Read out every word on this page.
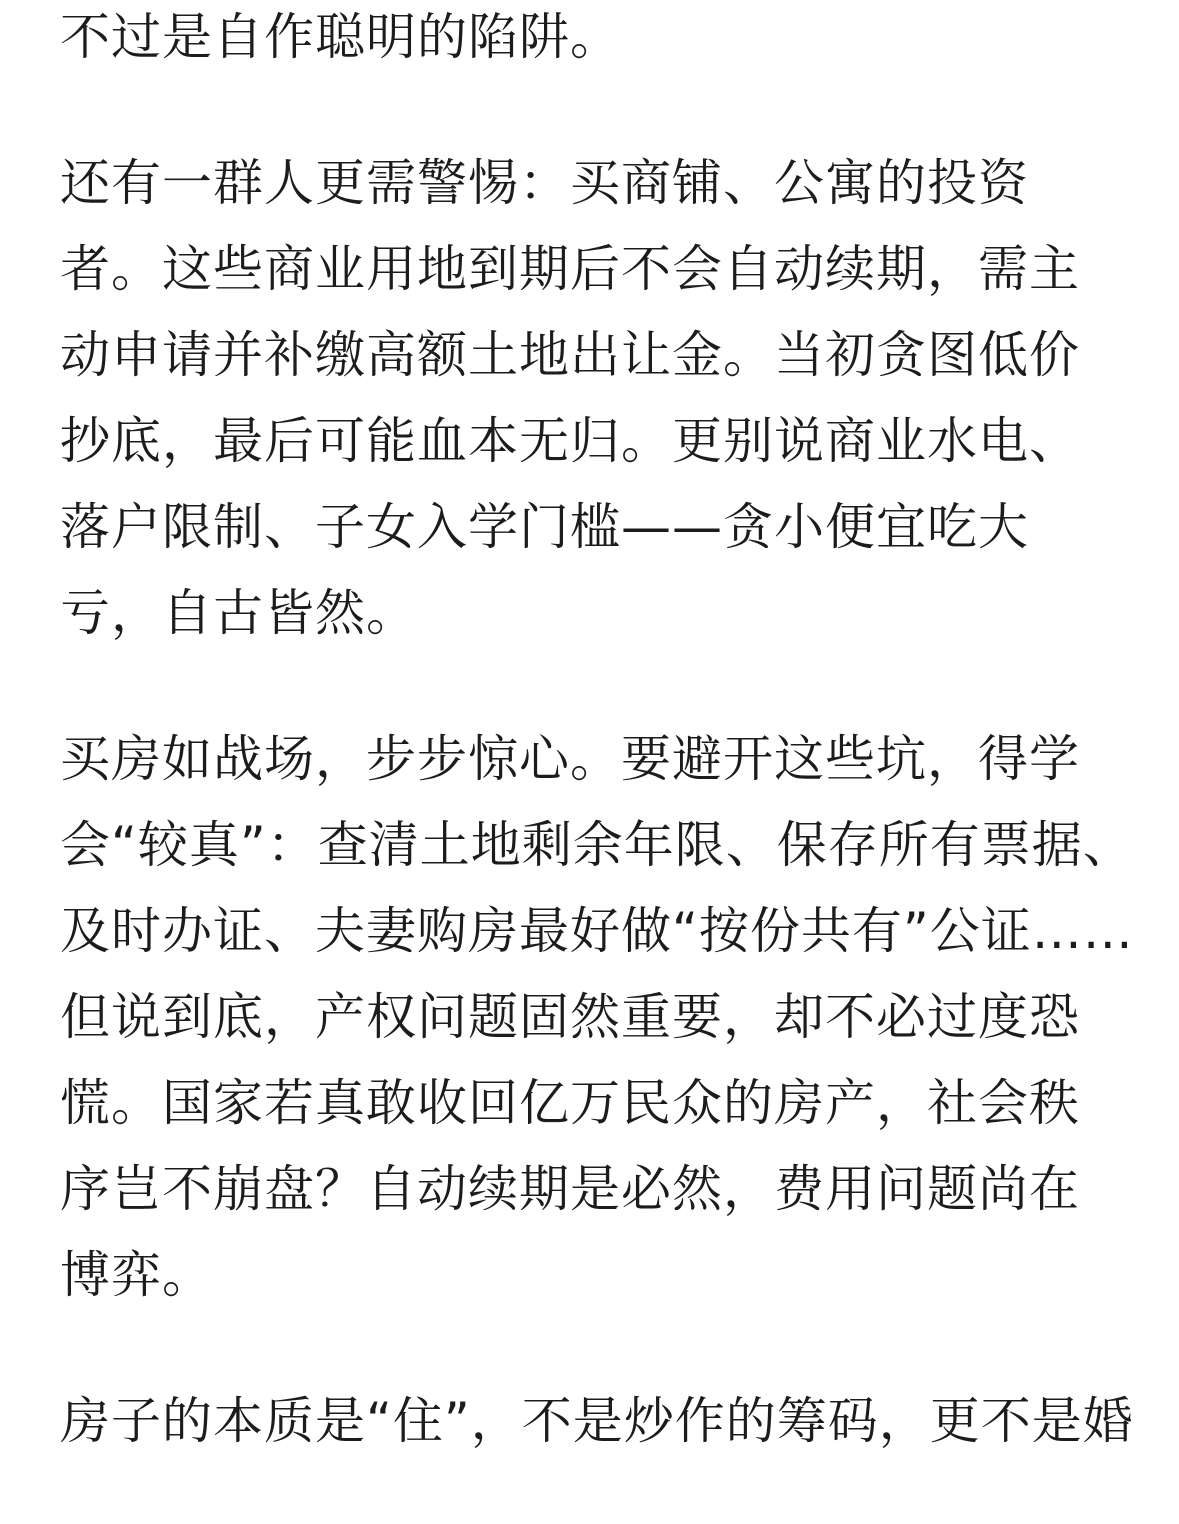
不过是自作聪明的陷阱。

还有一群人更需警惕：买商铺、公寓的投资
者。这些商业用地到期后不会自动续期，需主
动申请并补缴高额土地出让金。当初贪图低价
抄底，最后可能血本无归。更别说商业水电、
落户限制、子女入学门槛——贪小便宜吃大
亏，自古皆然。

买房如战场，步步惊心。要避开这些坑，得学
会“较真”：查清土地剩余年限、保存所有票据、
及时办证、夫妻购房最好做“按份共有”公证……
但说到底，产权问题固然重要，却不必过度恐
慌。国家若真敢收回亿万民众的房产，社会秩
序岂不崩盘？自动续期是必然，费用问题尚在
博弈。

房子的本质是“住”，不是炒作的筹码，更不是婚
